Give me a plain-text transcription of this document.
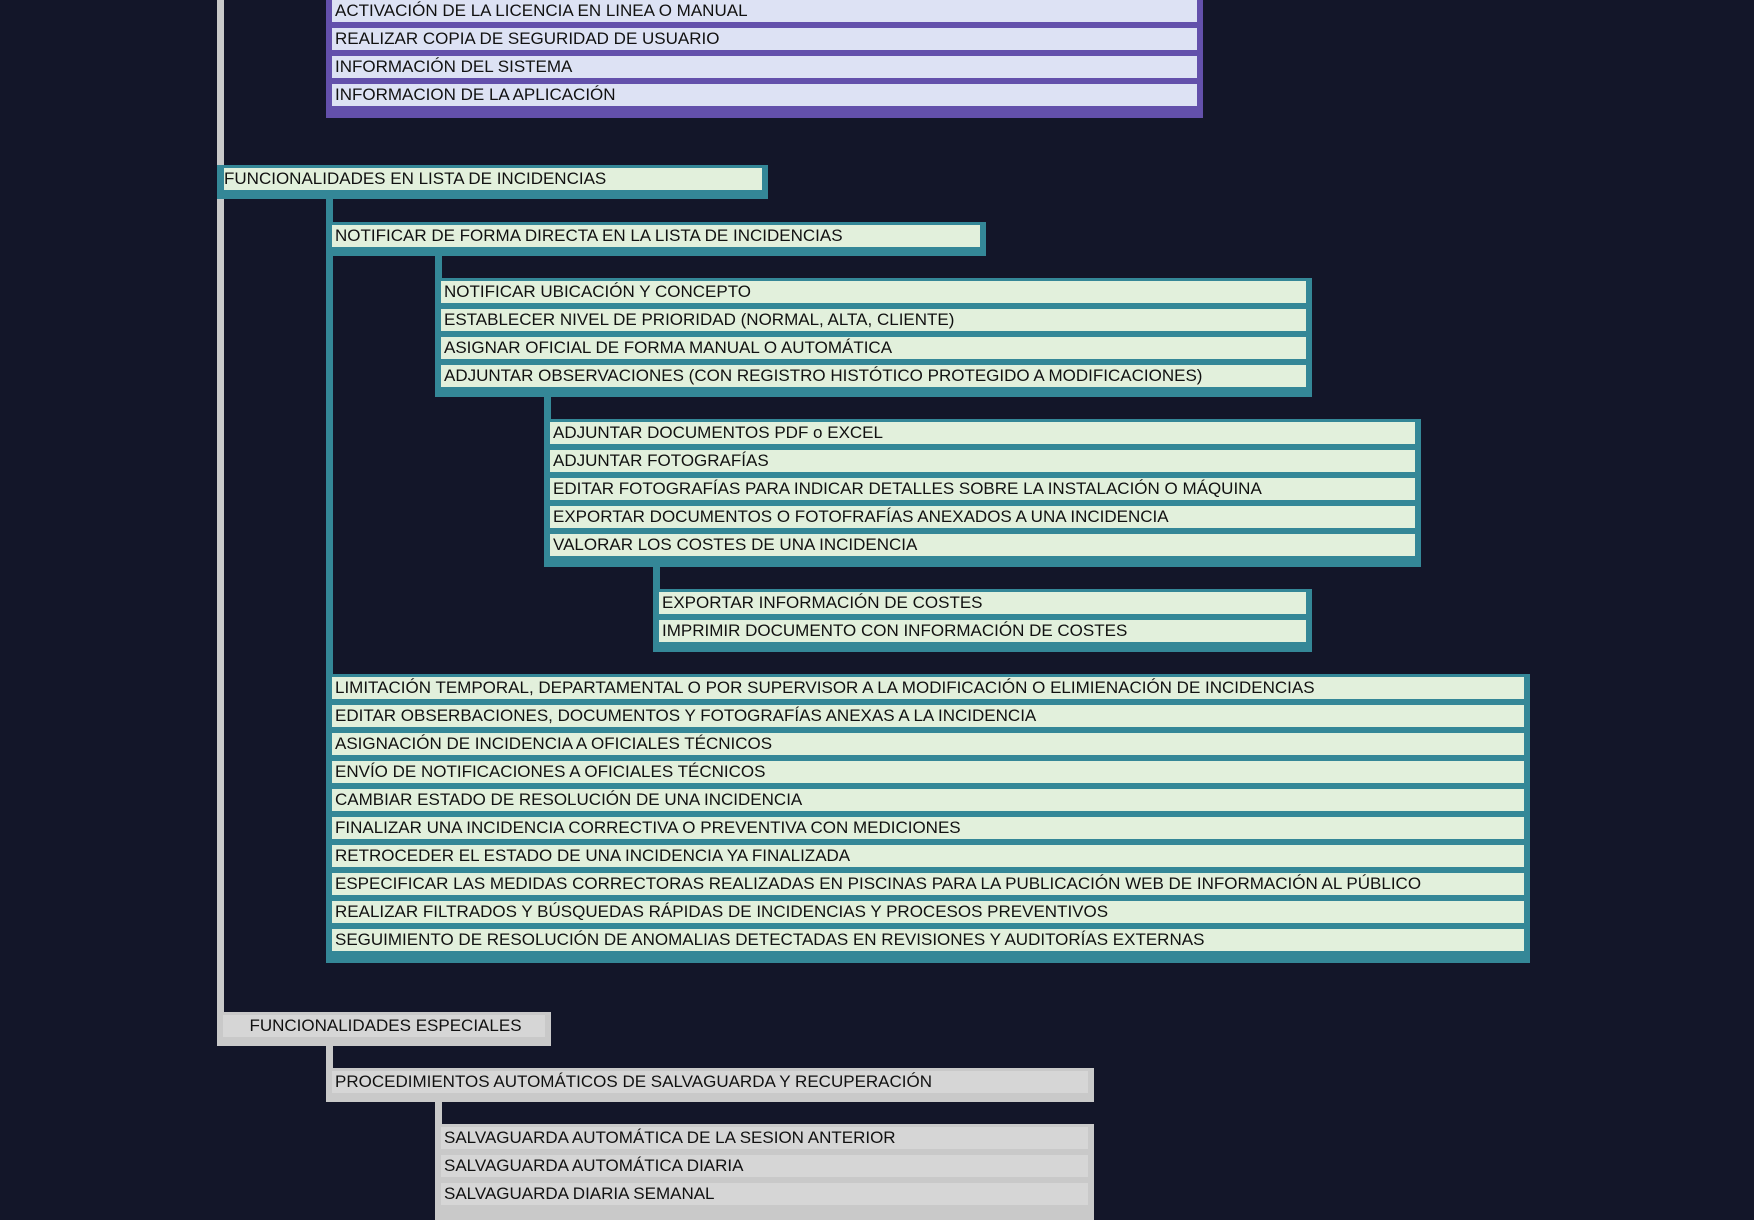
ACTIVACIÓN DE LA LICENCIA EN LINEA O MANUAL
REALIZAR COPIA DE SEGURIDAD DE USUARIO
INFORMACIÓN DEL SISTEMA
INFORMACION DE LA APLICACIÓN
FUNCIONALIDADES EN LISTA DE INCIDENCIAS
NOTIFICAR DE FORMA DIRECTA EN LA LISTA DE INCIDENCIAS
NOTIFICAR UBICACIÓN Y CONCEPTO
ESTABLECER NIVEL DE PRIORIDAD (NORMAL, ALTA, CLIENTE)
ASIGNAR OFICIAL DE FORMA MANUAL O AUTOMÁTICA
ADJUNTAR OBSERVACIONES (CON REGISTRO HISTÓTICO PROTEGIDO A MODIFICACIONES)
ADJUNTAR DOCUMENTOS PDF o EXCEL
ADJUNTAR FOTOGRAFÍAS
EDITAR FOTOGRAFÍAS PARA INDICAR DETALLES SOBRE LA INSTALACIÓN O MÁQUINA
EXPORTAR DOCUMENTOS O FOTOFRAFÍAS ANEXADOS A UNA INCIDENCIA
VALORAR LOS COSTES DE UNA INCIDENCIA
EXPORTAR INFORMACIÓN DE COSTES
IMPRIMIR DOCUMENTO CON INFORMACIÓN DE COSTES
LIMITACIÓN TEMPORAL, DEPARTAMENTAL O POR SUPERVISOR A LA MODIFICACIÓN O ELIMIENACIÓN DE INCIDENCIAS
EDITAR OBSERBACIONES, DOCUMENTOS Y FOTOGRAFÍAS ANEXAS A LA INCIDENCIA
ASIGNACIÓN DE INCIDENCIA A OFICIALES TÉCNICOS
ENVÍO DE NOTIFICACIONES A OFICIALES TÉCNICOS
CAMBIAR ESTADO DE RESOLUCIÓN DE UNA INCIDENCIA
FINALIZAR UNA INCIDENCIA CORRECTIVA O PREVENTIVA CON MEDICIONES
RETROCEDER EL ESTADO DE UNA INCIDENCIA YA FINALIZADA
ESPECIFICAR LAS MEDIDAS CORRECTORAS REALIZADAS EN PISCINAS PARA LA PUBLICACIÓN WEB DE INFORMACIÓN AL PÚBLICO
REALIZAR FILTRADOS Y BÚSQUEDAS RÁPIDAS DE INCIDENCIAS Y PROCESOS PREVENTIVOS
SEGUIMIENTO DE RESOLUCIÓN DE ANOMALIAS DETECTADAS EN REVISIONES Y AUDITORÍAS EXTERNAS
FUNCIONALIDADES ESPECIALES
PROCEDIMIENTOS AUTOMÁTICOS DE SALVAGUARDA Y RECUPERACIÓN
SALVAGUARDA AUTOMÁTICA DE LA SESION ANTERIOR
SALVAGUARDA AUTOMÁTICA DIARIA
SALVAGUARDA DIARIA SEMANAL
